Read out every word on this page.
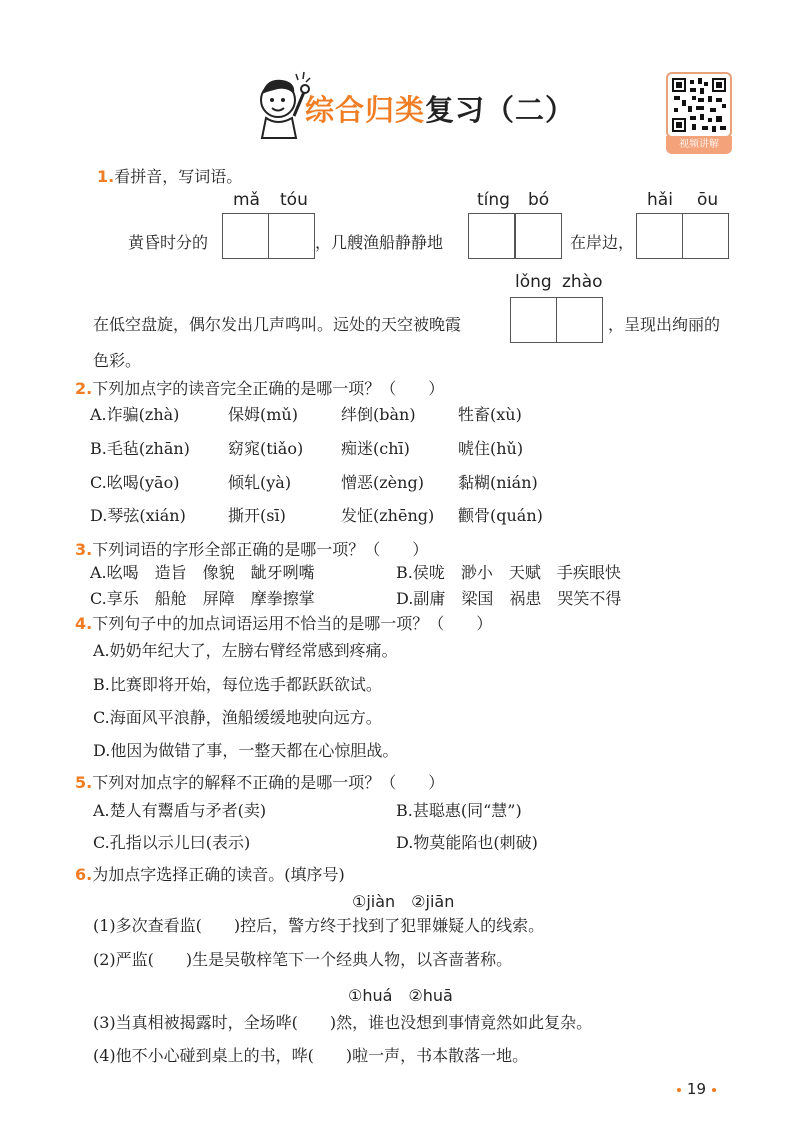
综合归类复习（二）
视频讲解
1.看拼音，写词语。
mǎ tóu	tíng bó	hǎi ōu
黄昏时分的	，几艘渔船静静地	在岸边，
lǒng zhào
在低空盘旋，偶尔发出几声鸣叫。远处的天空被晚霞	，呈现出绚丽的
色彩。
2.下列加点字的读音完全正确的是哪一项？（　　）
A.诈骗(zhà)	保姆(mǔ)	绊倒(bàn)	牲畜(xù)
B.毛毡(zhān) 窈窕(tiǎo) 痴迷(chī)	唬住(hǔ)
C.吆喝(yāo)	倾轧(yà)	憎恶(zèng) 黏糊(nián)
D.琴弦(xián)	撕开(sī)	发怔(zhēng) 颧骨(quán)
3.下列词语的字形全部正确的是哪一项？（　　）
A.吆喝　造旨　像貌　龇牙咧嘴	B.侯咙　渺小　天赋　手疾眼快
C.享乐　船舱　屏障　摩拳擦掌	D.副庸　梁国　祸患　哭笑不得
4.下列句子中的加点词语运用不恰当的是哪一项？（　　）
A.奶奶年纪大了，左膀右臂经常感到疼痛。
B.比赛即将开始，每位选手都跃跃欲试。
C.海面风平浪静，渔船缓缓地驶向远方。
D.他因为做错了事，一整天都在心惊胆战。
5.下列对加点字的解释不正确的是哪一项？（　　）
A.楚人有鬻盾与矛者(卖)	B.甚聪惠(同“慧”)
C.孔指以示儿曰(表示)	D.物莫能陷也(刺破)
6.为加点字选择正确的读音。(填序号)
①jiàn　②jiān
(1)多次查看监(　　)控后，警方终于找到了犯罪嫌疑人的线索。
(2)严监(　　)生是吴敬梓笔下一个经典人物，以吝啬著称。
①huá　②huā
(3)当真相被揭露时，全场哗(　　)然，谁也没想到事情竟然如此复杂。
(4)他不小心碰到桌上的书，哗(　　)啦一声，书本散落一地。
19
